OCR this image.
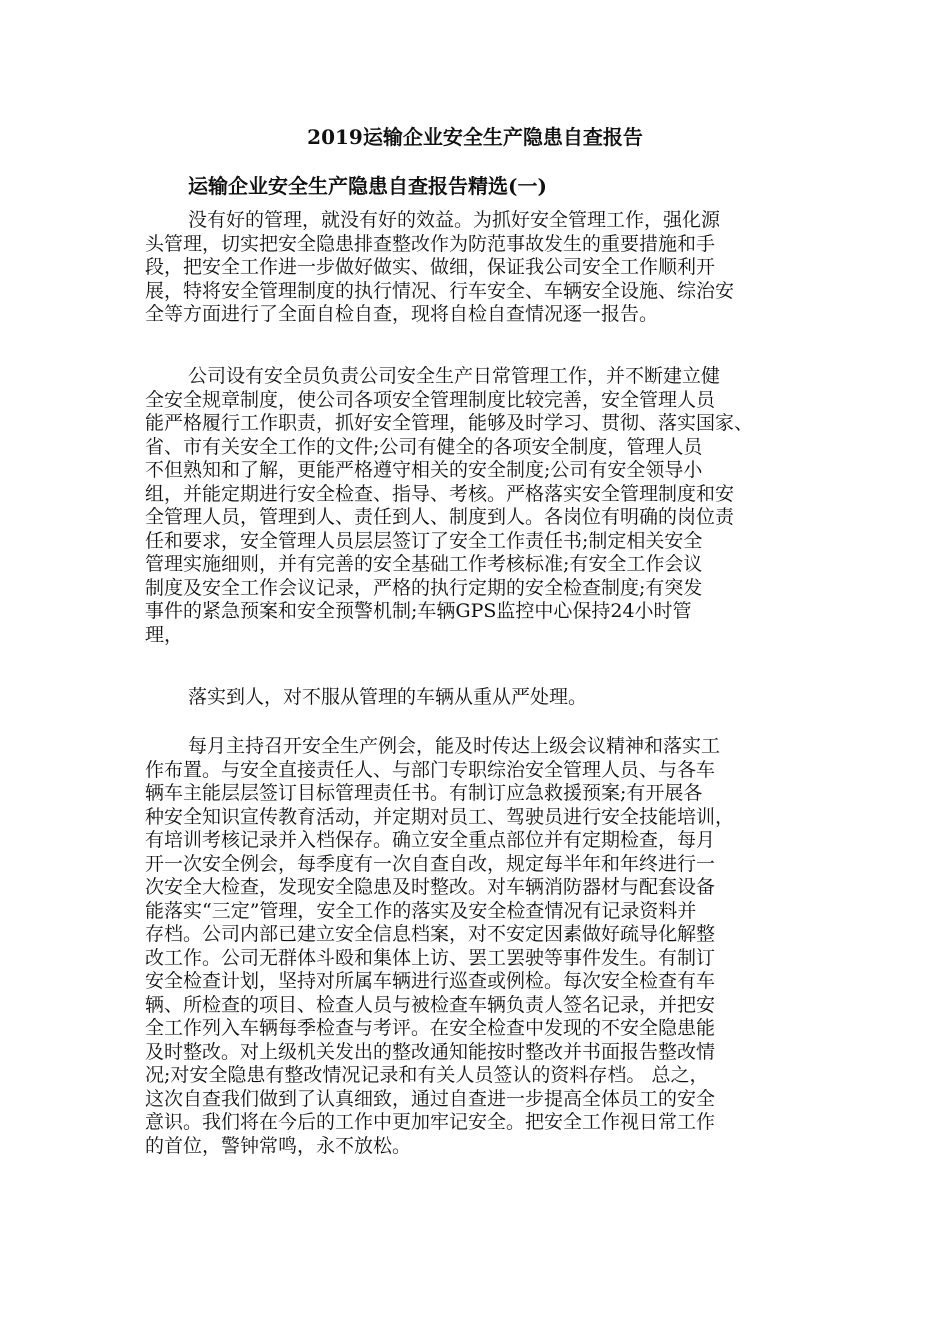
2019运输企业安全生产隐患自查报告
运输企业安全生产隐患自查报告精选(一)
没有好的管理，就没有好的效益。为抓好安全管理工作，强化源
头管理，切实把安全隐患排查整改作为防范事故发生的重要措施和手
段，把安全工作进一步做好做实、做细，保证我公司安全工作顺利开
展，特将安全管理制度的执行情况、行车安全、车辆安全设施、综治安
全等方面进行了全面自检自查，现将自检自查情况逐一报告。
公司设有安全员负责公司安全生产日常管理工作，并不断建立健
全安全规章制度，使公司各项安全管理制度比较完善，安全管理人员
能严格履行工作职责，抓好安全管理，能够及时学习、贯彻、落实国家、
省、市有关安全工作的文件;公司有健全的各项安全制度，管理人员
不但熟知和了解，更能严格遵守相关的安全制度;公司有安全领导小
组，并能定期进行安全检查、指导、考核。严格落实安全管理制度和安
全管理人员，管理到人、责任到人、制度到人。各岗位有明确的岗位责
任和要求，安全管理人员层层签订了安全工作责任书;制定相关安全
管理实施细则，并有完善的安全基础工作考核标准;有安全工作会议
制度及安全工作会议记录，严格的执行定期的安全检查制度;有突发
事件的紧急预案和安全预警机制;车辆GPS监控中心保持24小时管
理，
落实到人，对不服从管理的车辆从重从严处理。
每月主持召开安全生产例会，能及时传达上级会议精神和落实工
作布置。与安全直接责任人、与部门专职综治安全管理人员、与各车
辆车主能层层签订目标管理责任书。有制订应急救援预案;有开展各
种安全知识宣传教育活动，并定期对员工、驾驶员进行安全技能培训，
有培训考核记录并入档保存。确立安全重点部位并有定期检查，每月
开一次安全例会，每季度有一次自查自改，规定每半年和年终进行一
次安全大检查，发现安全隐患及时整改。对车辆消防器材与配套设备
能落实“三定”管理，安全工作的落实及安全检查情况有记录资料并
存档。公司内部已建立安全信息档案，对不安定因素做好疏导化解整
改工作。公司无群体斗殴和集体上访、罢工罢驶等事件发生。有制订
安全检查计划，坚持对所属车辆进行巡查或例检。每次安全检查有车
辆、所检查的项目、检查人员与被检查车辆负责人签名记录，并把安
全工作列入车辆每季检查与考评。在安全检查中发现的不安全隐患能
及时整改。对上级机关发出的整改通知能按时整改并书面报告整改情
况;对安全隐患有整改情况记录和有关人员签认的资料存档。 总之，
这次自查我们做到了认真细致，通过自查进一步提高全体员工的安全
意识。我们将在今后的工作中更加牢记安全。把安全工作视日常工作
的首位，警钟常鸣，永不放松。
